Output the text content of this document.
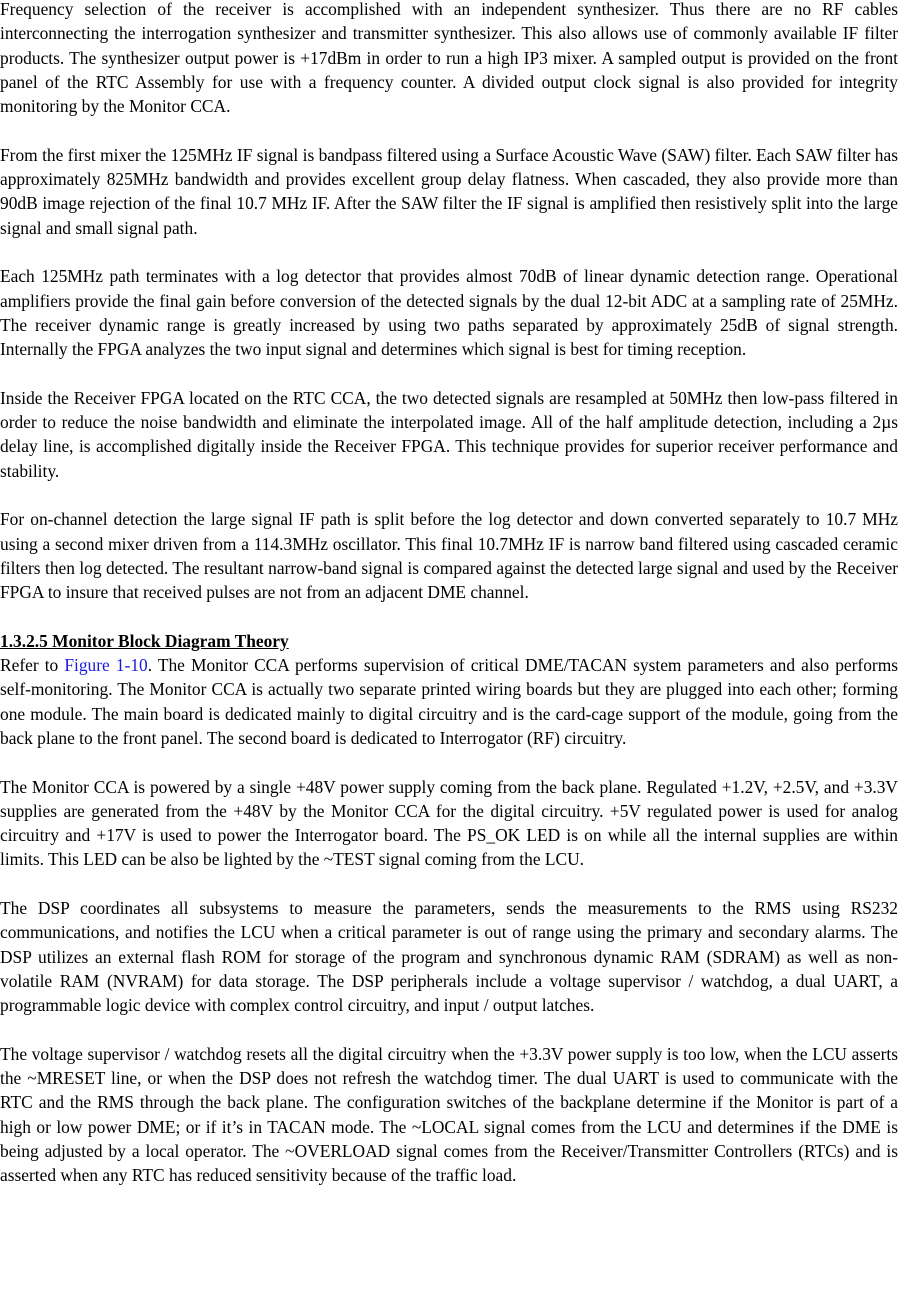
Frequency selection of the receiver is accomplished with an independent synthesizer. Thus there are no RF cables interconnecting the interrogation synthesizer and transmitter synthesizer. This also allows use of commonly available IF filter products. The synthesizer output power is +17dBm in order to run a high IP3 mixer. A sampled output is provided on the front panel of the RTC Assembly for use with a frequency counter. A divided output clock signal is also provided for integrity monitoring by the Monitor CCA.

From the first mixer the 125MHz IF signal is bandpass filtered using a Surface Acoustic Wave (SAW) filter. Each SAW filter has approximately 825MHz bandwidth and provides excellent group delay flatness. When cascaded, they also provide more than 90dB image rejection of the final 10.7 MHz IF. After the SAW filter the IF signal is amplified then resistively split into the large signal and small signal path.

Each 125MHz path terminates with a log detector that provides almost 70dB of linear dynamic detection range. Operational amplifiers provide the final gain before conversion of the detected signals by the dual 12-bit ADC at a sampling rate of 25MHz. The receiver dynamic range is greatly increased by using two paths separated by approximately 25dB of signal strength. Internally the FPGA analyzes the two input signal and determines which signal is best for timing reception.

Inside the Receiver FPGA located on the RTC CCA, the two detected signals are resampled at 50MHz then low-pass filtered in order to reduce the noise bandwidth and eliminate the interpolated image. All of the half amplitude detection, including a 2µs delay line, is accomplished digitally inside the Receiver FPGA. This technique provides for superior receiver performance and stability.

For on-channel detection the large signal IF path is split before the log detector and down converted separately to 10.7 MHz using a second mixer driven from a 114.3MHz oscillator. This final 10.7MHz IF is narrow band filtered using cascaded ceramic filters then log detected. The resultant narrow-band signal is compared against the detected large signal and used by the Receiver FPGA to insure that received pulses are not from an adjacent DME channel.

1.3.2.5 Monitor Block Diagram Theory

Refer to Figure 1-10. The Monitor CCA performs supervision of critical DME/TACAN system parameters and also performs self-monitoring. The Monitor CCA is actually two separate printed wiring boards but they are plugged into each other; forming one module. The main board is dedicated mainly to digital circuitry and is the card-cage support of the module, going from the back plane to the front panel. The second board is dedicated to Interrogator (RF) circuitry.

The Monitor CCA is powered by a single +48V power supply coming from the back plane. Regulated +1.2V, +2.5V, and +3.3V supplies are generated from the +48V by the Monitor CCA for the digital circuitry. +5V regulated power is used for analog circuitry and +17V is used to power the Interrogator board. The PS_OK LED is on while all the internal supplies are within limits. This LED can be also be lighted by the ~TEST signal coming from the LCU.

The DSP coordinates all subsystems to measure the parameters, sends the measurements to the RMS using RS232 communications, and notifies the LCU when a critical parameter is out of range using the primary and secondary alarms. The DSP utilizes an external flash ROM for storage of the program and synchronous dynamic RAM (SDRAM) as well as non-volatile RAM (NVRAM) for data storage. The DSP peripherals include a voltage supervisor / watchdog, a dual UART, a programmable logic device with complex control circuitry, and input / output latches.

The voltage supervisor / watchdog resets all the digital circuitry when the +3.3V power supply is too low, when the LCU asserts the ~MRESET line, or when the DSP does not refresh the watchdog timer. The dual UART is used to communicate with the RTC and the RMS through the back plane. The configuration switches of the backplane determine if the Monitor is part of a high or low power DME; or if it’s in TACAN mode. The ~LOCAL signal comes from the LCU and determines if the DME is being adjusted by a local operator. The ~OVERLOAD signal comes from the Receiver/Transmitter Controllers (RTCs) and is asserted when any RTC has reduced sensitivity because of the traffic load.
